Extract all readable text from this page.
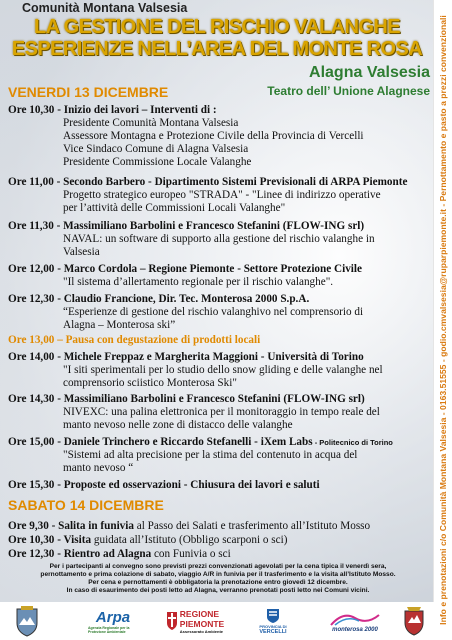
Info e prenotazioni c/o Comunità Montana Valsesia - 0163.51555 - godio.cmvalsesia@ruparpiemonte.it - Pernottamento e pasto a prezzi convenzionali
Comunità Montana Valsesia
LA GESTIONE DEL RISCHIO VALANGHE
ESPERIENZE NELL’AREA DEL MONTE ROSA
Alagna Valsesia
Teatro dell’ Unione Alagnese
VENERDI 13 DICEMBRE
Ore 10,30 - Inizio dei lavori – Interventi di :
Presidente Comunità Montana Valsesia
Assessore Montagna e Protezione Civile della Provincia di Vercelli
Vice Sindaco Comune di Alagna Valsesia
Presidente Commissione Locale Valanghe
Ore 11,00 - Secondo Barbero - Dipartimento Sistemi Previsionali di ARPA Piemonte
Progetto strategico europeo "STRADA" - "Linee di indirizzo operative
per l’attività delle Commissioni Locali Valanghe"
Ore 11,30 - Massimiliano Barbolini e Francesco Stefanini (FLOW-ING srl)
NAVAL: un software di supporto alla gestione del rischio valanghe in
Valsesia
Ore 12,00 - Marco Cordola – Regione Piemonte - Settore Protezione Civile
"Il sistema d’allertamento regionale per il rischio valanghe".
Ore 12,30 - Claudio Francione, Dir. Tec. Monterosa 2000 S.p.A.
“Esperienze di gestione del rischio valanghivo nel comprensorio di
Alagna – Monterosa ski”
Ore 13,00 – Pausa con degustazione di prodotti locali
Ore 14,00 - Michele Freppaz e Margherita Maggioni - Università di Torino
"I siti sperimentali per lo studio dello snow gliding e delle valanghe nel
comprensorio sciistico Monterosa Ski"
Ore 14,30 - Massimiliano Barbolini e Francesco Stefanini (FLOW-ING srl)
NIVEXC: una palina elettronica per il monitoraggio in tempo reale del
manto nevoso nelle zone di distacco delle valanghe
Ore 15,00 - Daniele Trinchero e Riccardo Stefanelli - iXem Labs - Politecnico di Torino
"Sistemi ad alta precisione per la stima del contenuto in acqua del
manto nevoso “
Ore 15,30 - Proposte ed osservazioni - Chiusura dei lavori e saluti
SABATO 14 DICEMBRE
Ore 9,30 - Salita in funivia al Passo dei Salati e trasferimento all’Istituto Mosso
Ore 10,30 - Visita guidata all’Istituto (Obbligo scarponi o sci)
Ore 12,30 - Rientro ad Alagna con Funivia o sci
Per i partecipanti al convegno sono previsti prezzi convenzionati agevolati per la cena tipica il venerdì sera,
pernottamento e prima colazione di sabato, viaggio A/R in funivia per il trasferimento e la visita all’Istituto Mosso.
Per cena e pernottamenti è obbligatoria la prenotazione entro giovedì 12 dicembre.
In caso di esaurimento dei posti letto ad Alagna, verranno prenotati posti letto nei Comuni vicini.
Arpa
Agenzia Regionale per la Protezione Ambientale
REGIONE
PIEMONTE
Assessorato Ambiente
PROVINCIA DI
VERCELLI	monterosa 2000
